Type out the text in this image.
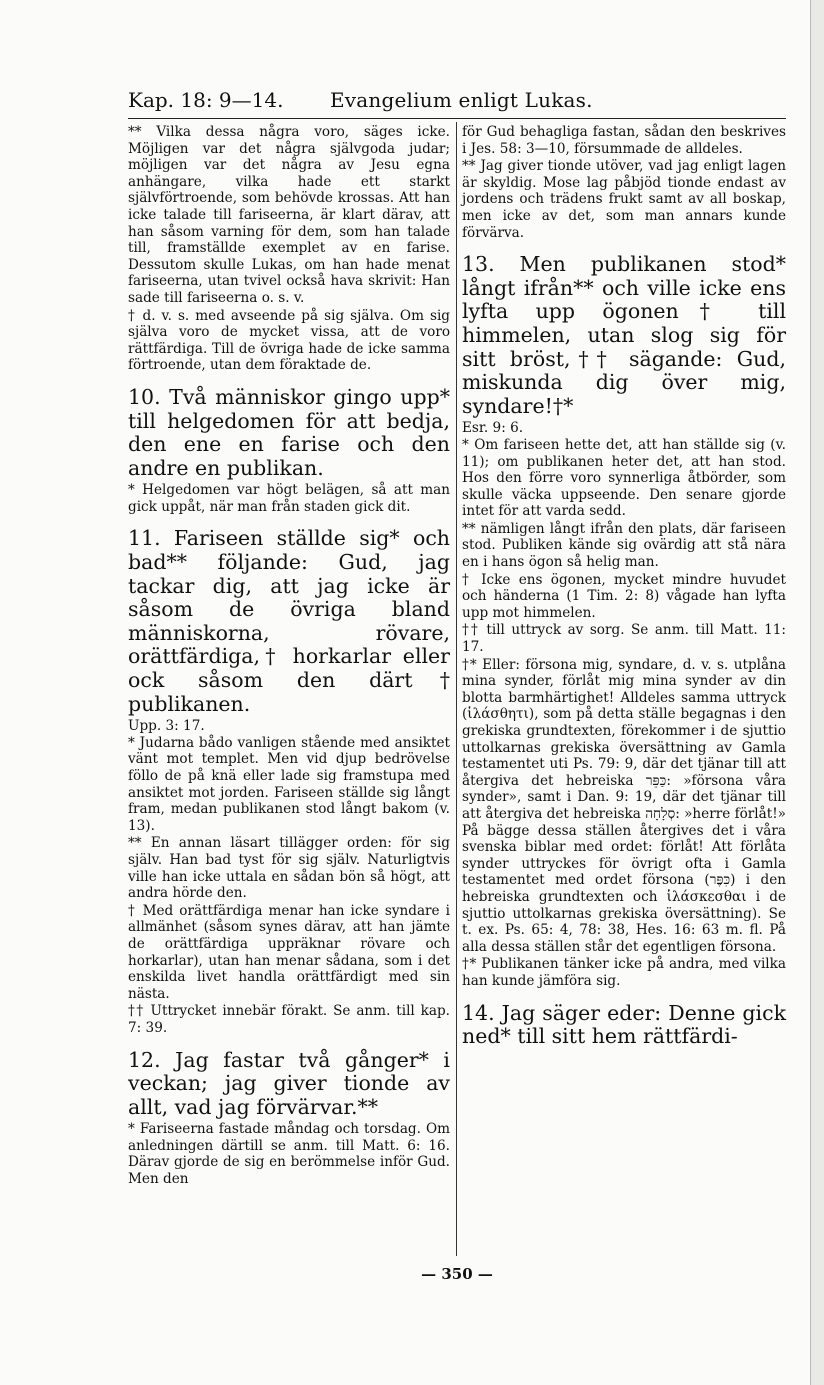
Kap. 18: 9—14. Evangelium enligt Lukas.

** Vilka dessa några voro, säges icke. Möjligen var det några självgoda judar; möjligen var det några av Jesu egna anhängare, vilka hade ett starkt självförtroende, som behövde krossas. Att han icke talade till fariseerna, är klart därav, att han såsom varning för dem, som han talade till, framställde exemplet av en farise. Dessutom skulle Lukas, om han hade menat fariseerna, utan tvivel också hava skrivit: Han sade till fariseerna o. s. v.

† d. v. s. med avseende på sig själva. Om sig själva voro de mycket vissa, att de voro rättfärdiga. Till de övriga hade de icke samma förtroende, utan dem föraktade de.

10. Två människor gingo upp* till helgedomen för att bedja, den ene en farise och den andre en publikan.

* Helgedomen var högt belägen, så att man gick uppåt, när man från staden gick dit.

11. Fariseen ställde sig* och bad** följande: Gud, jag tackar dig, att jag icke är såsom de övriga bland människorna, rövare, orättfärdiga,† horkarlar eller ock såsom den därt† publikanen.

Upp. 3: 17.

* Judarna bådo vanligen stående med ansiktet vänt mot templet. Men vid djup bedrövelse föllo de på knä eller lade sig framstupa med ansiktet mot jorden. Fariseen ställde sig långt fram, medan publikanen stod långt bakom (v. 13).

** En annan läsart tillägger orden: för sig själv. Han bad tyst för sig själv. Naturligtvis ville han icke uttala en sådan bön så högt, att andra hörde den.

† Med orättfärdiga menar han icke syndare i allmänhet (såsom synes därav, att han jämte de orättfärdiga uppräknar rövare och horkarlar), utan han menar sådana, som i det enskilda livet handla orättfärdigt med sin nästa.

†† Uttrycket innebär förakt. Se anm. till kap. 7: 39.

12. Jag fastar två gånger* i veckan; jag giver tionde av allt, vad jag förvärvar.**

* Fariseerna fastade måndag och torsdag. Om anledningen därtill se anm. till Matt. 6: 16. Därav gjorde de sig en berömmelse inför Gud. Men den

för Gud behagliga fastan, sådan den beskrives i Jes. 58: 3—10, försummade de alldeles.

** Jag giver tionde utöver, vad jag enligt lagen är skyldig. Mose lag påbjöd tionde endast av jordens och trädens frukt samt av all boskap, men icke av det, som man annars kunde förvärva.

13. Men publikanen stod* långt ifrån** och ville icke ens lyfta upp ögonen† till himmelen, utan slog sig för sitt bröst,†† sägande: Gud, miskunda dig över mig, syndare!†*

Esr. 9: 6.

* Om fariseen hette det, att han ställde sig (v. 11); om publikanen heter det, att han stod. Hos den förre voro synnerliga åtbörder, som skulle väcka uppseende. Den senare gjorde intet för att varda sedd.

** nämligen långt ifrån den plats, där fariseen stod. Publiken kände sig ovärdig att stå nära en i hans ögon så helig man.

† Icke ens ögonen, mycket mindre huvudet och händerna (1 Tim. 2: 8) vågade han lyfta upp mot himmelen.

†† till uttryck av sorg. Se anm. till Matt. 11: 17.

†* Eller: försona mig, syndare, d. v. s. utplåna mina synder, förlåt mig mina synder av din blotta barmhärtighet! Alldeles samma uttryck (ἱλάσθητι), som på detta ställe begagnas i den grekiska grundtexten, förekommer i de sjuttio uttolkarnas grekiska översättning av Gamla testamentet uti Ps. 79: 9, där det tjänar till att återgiva det hebreiska כַּפֵּר: »försona våra synder», samt i Dan. 9: 19, där det tjänar till att återgiva det hebreiska סְלָחָה: »herre förlåt!» På bägge dessa ställen återgives det i våra svenska biblar med ordet: förlåt! Att förlåta synder uttryckes för övrigt ofta i Gamla testamentet med ordet försona (כִּפֶּר) i den hebreiska grundtexten och ἱλάσκεσθαι i de sjuttio uttolkarnas grekiska översättning). Se t. ex. Ps. 65: 4, 78: 38, Hes. 16: 63 m. fl. På alla dessa ställen står det egentligen försona.

†* Publikanen tänker icke på andra, med vilka han kunde jämföra sig.

14. Jag säger eder: Denne gick ned* till sitt hem rättfärdi-

— 350 —
